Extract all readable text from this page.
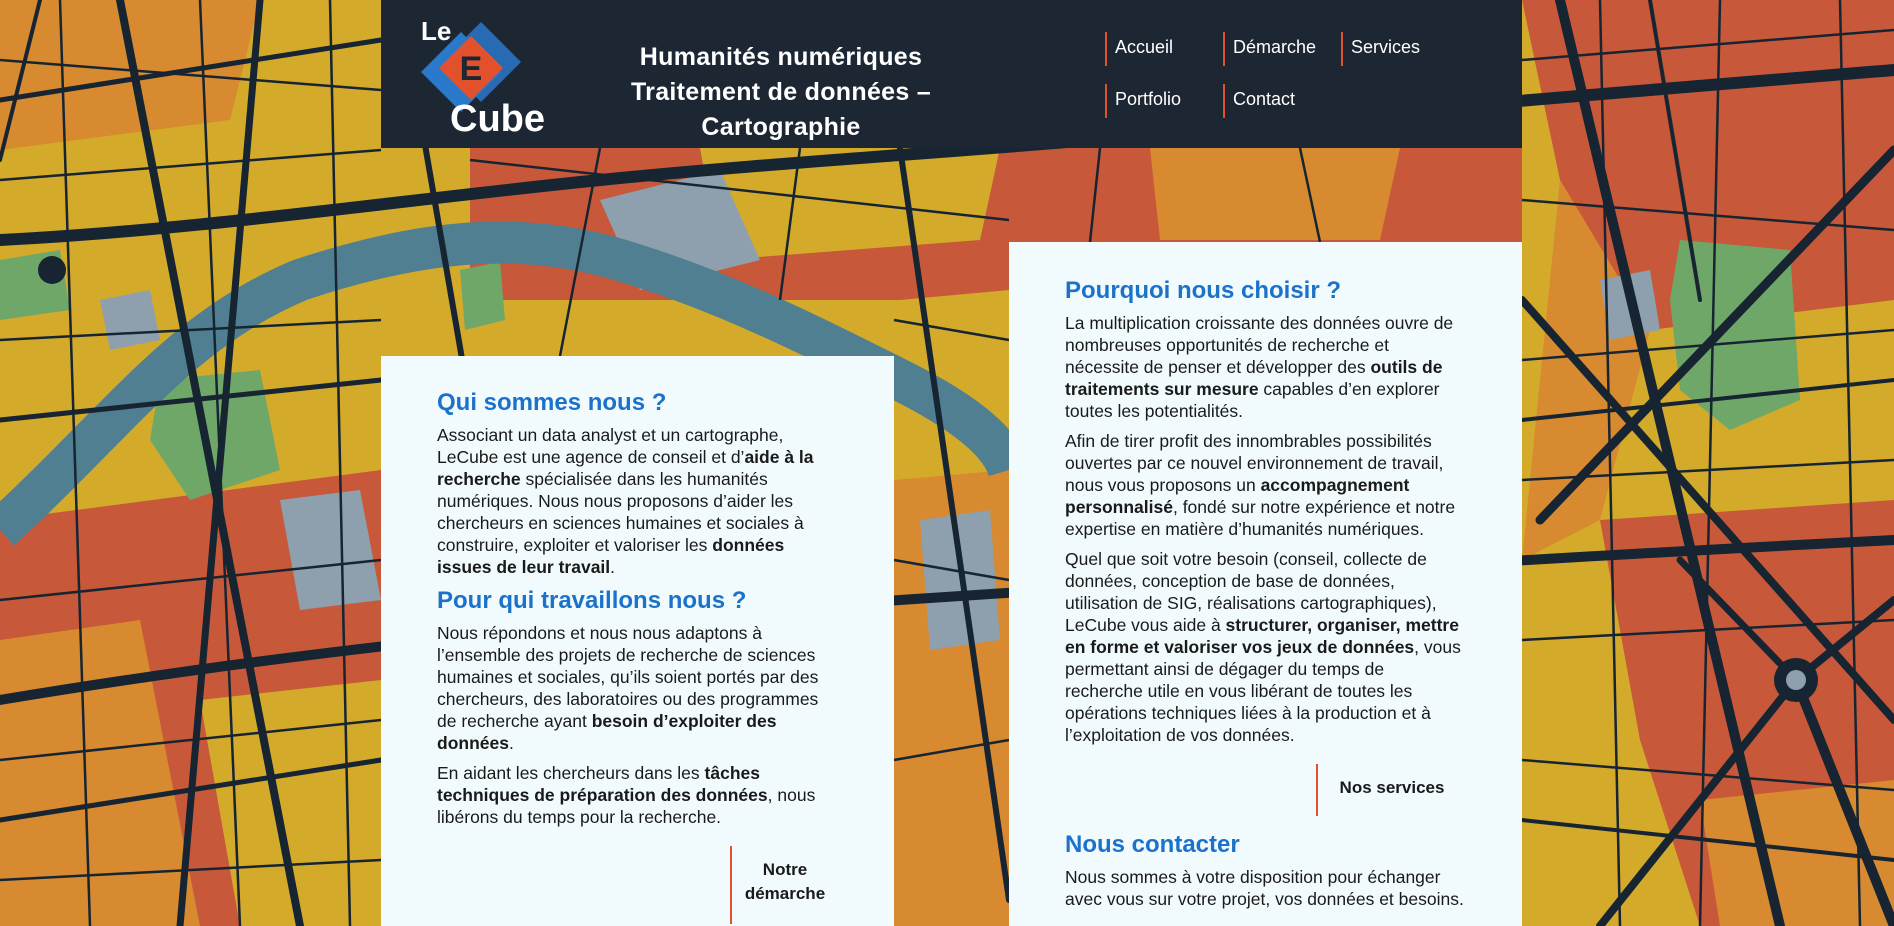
Le
E
Cube
Humanités numériques
Traitement de données – Cartographie
Accueil	Démarche	Services
Portfolio	Contact
Qui sommes nous ?

Associant un data analyst et un cartographe, LeCube est une agence de conseil et d’aide à la recherche spécialisée dans les humanités numériques. Nous nous proposons d’aider les chercheurs en sciences humaines et sociales à construire, exploiter et valoriser les données issues de leur travail.

Pour qui travaillons nous ?

Nous répondons et nous nous adaptons à l’ensemble des projets de recherche de sciences humaines et sociales, qu’ils soient portés par des chercheurs, des laboratoires ou des programmes de recherche ayant besoin d’exploiter des données.

En aidant les chercheurs dans les tâches techniques de préparation des données, nous libérons du temps pour la recherche.

Notre
démarche
Pourquoi nous choisir ?

La multiplication croissante des données ouvre de nombreuses opportunités de recherche et nécessite de penser et développer des outils de traitements sur mesure capables d’en explorer toutes les potentialités.

Afin de tirer profit des innombrables possibilités ouvertes par ce nouvel environnement de travail, nous vous proposons un accompagnement personnalisé, fondé sur notre expérience et notre expertise en matière d’humanités numériques.

Quel que soit votre besoin (conseil, collecte de données, conception de base de données, utilisation de SIG, réalisations cartographiques), LeCube vous aide à structurer, organiser, mettre en forme et valoriser vos jeux de données, vous permettant ainsi de dégager du temps de recherche utile en vous libérant de toutes les opérations techniques liées à la production et à l’exploitation de vos données.

Nos services
Nous contacter

Nous sommes à votre disposition pour échanger avec vous sur votre projet, vos données et besoins.
